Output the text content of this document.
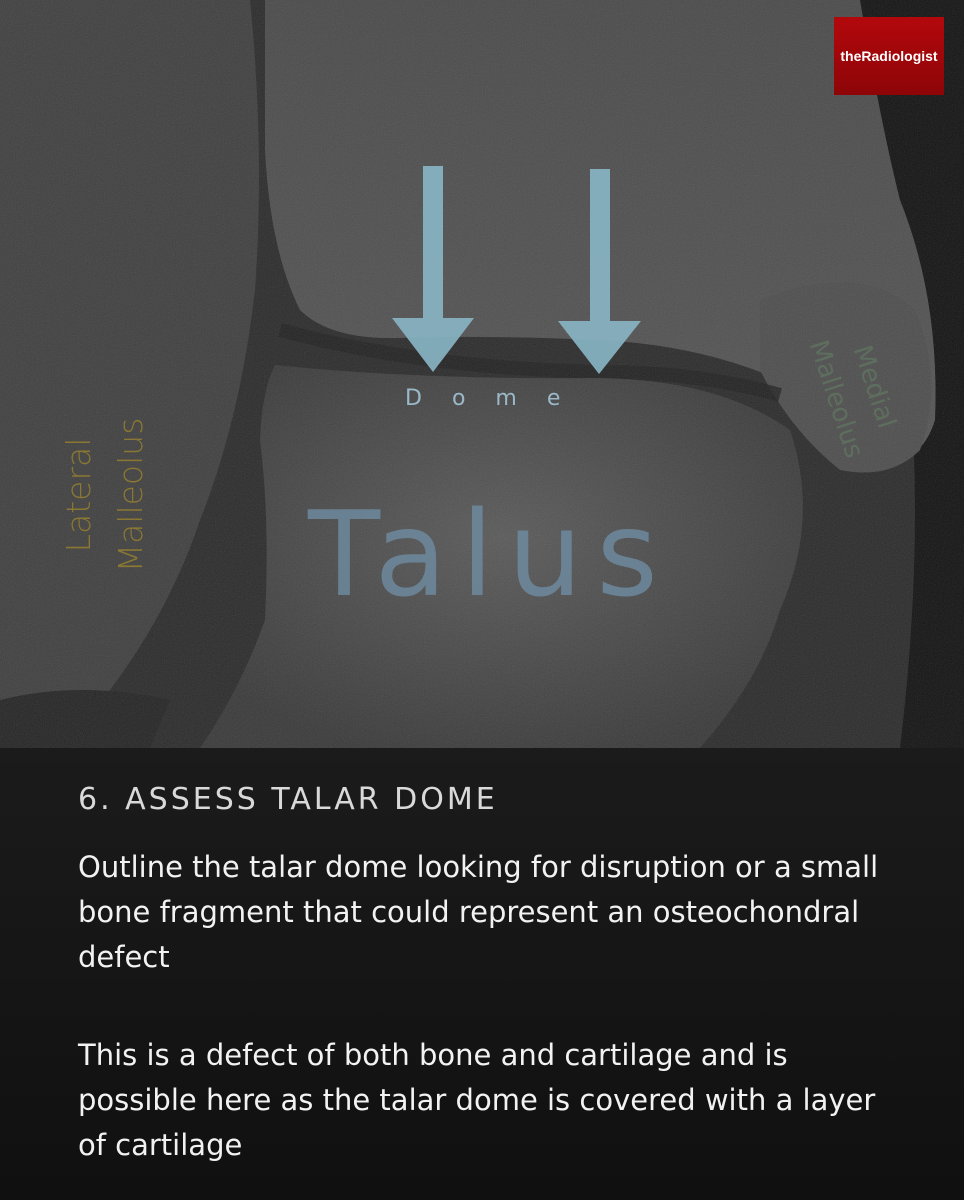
theRadiologist
Lateral
Malleolus
Medial
Malleolus
Dome
Talus
6. ASSESS TALAR DOME
Outline the talar dome looking for disruption or a small bone fragment that could represent an osteochondral defect
This is a defect of both bone and cartilage and is possible here as the talar dome is covered with a layer of cartilage
